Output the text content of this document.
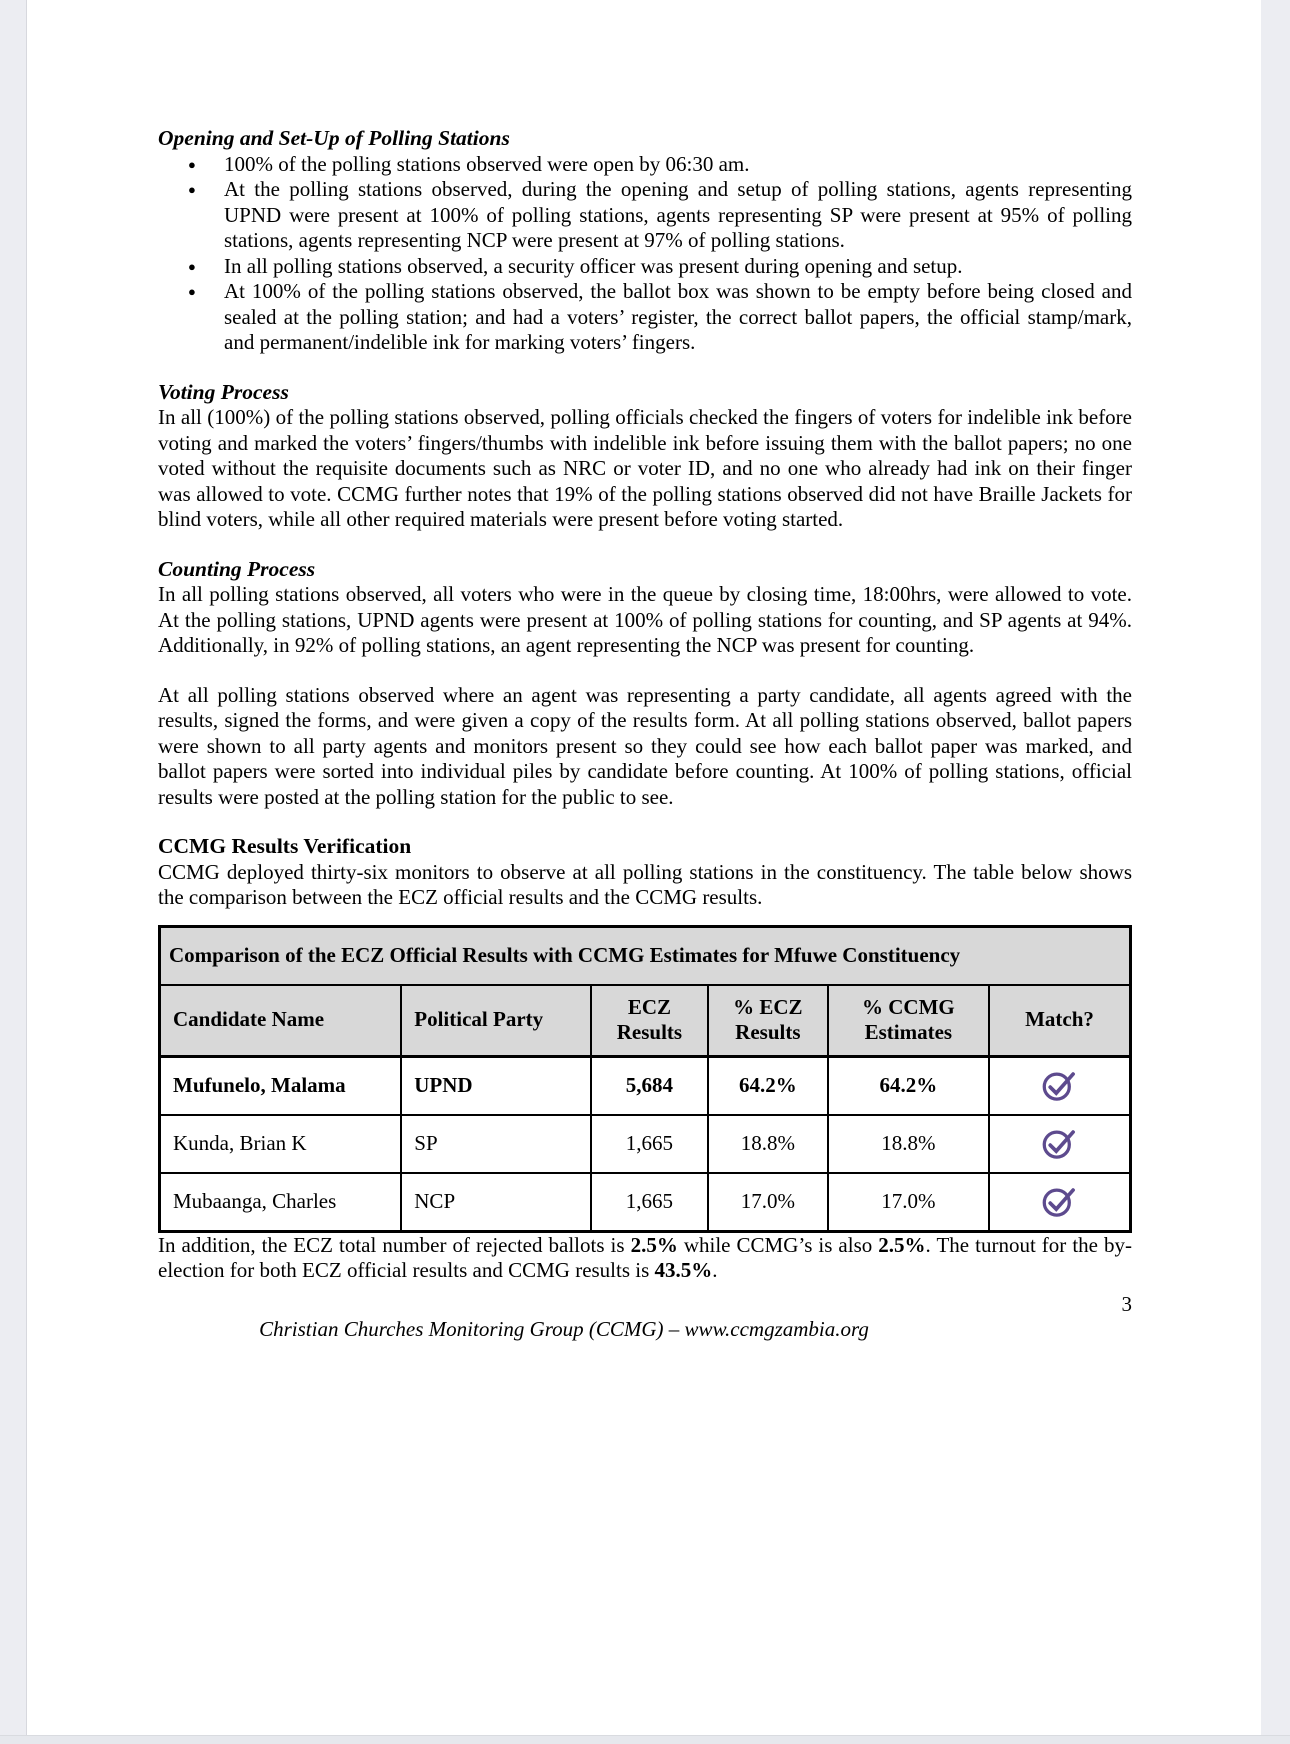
Opening and Set-Up of Polling Stations
● 100% of the polling stations observed were open by 06:30 am.
● At the polling stations observed, during the opening and setup of polling stations, agents representing UPND were present at 100% of polling stations, agents representing SP were present at 95% of polling stations, agents representing NCP were present at 97% of polling stations.
● In all polling stations observed, a security officer was present during opening and setup.
● At 100% of the polling stations observed, the ballot box was shown to be empty before being closed and sealed at the polling station; and had a voters’ register, the correct ballot papers, the official stamp/mark, and permanent/indelible ink for marking voters’ fingers.
Voting Process

In all (100%) of the polling stations observed, polling officials checked the fingers of voters for indelible ink before voting and marked the voters’ fingers/thumbs with indelible ink before issuing them with the ballot papers; no one voted without the requisite documents such as NRC or voter ID, and no one who already had ink on their finger was allowed to vote. CCMG further notes that 19% of the polling stations observed did not have Braille Jackets for blind voters, while all other required materials were present before voting started.

Counting Process

In all polling stations observed, all voters who were in the queue by closing time, 18:00hrs, were allowed to vote. At the polling stations, UPND agents were present at 100% of polling stations for counting, and SP agents at 94%. Additionally, in 92% of polling stations, an agent representing the NCP was present for counting.

At all polling stations observed where an agent was representing a party candidate, all agents agreed with the results, signed the forms, and were given a copy of the results form. At all polling stations observed, ballot papers were shown to all party agents and monitors present so they could see how each ballot paper was marked, and ballot papers were sorted into individual piles by candidate before counting. At 100% of polling stations, official results were posted at the polling station for the public to see.

CCMG Results Verification

CCMG deployed thirty-six monitors to observe at all polling stations in the constituency. The table below shows the comparison between the ECZ official results and the CCMG results.

Comparison of the ECZ Official Results with CCMG Estimates for Mfuwe Constituency					
Candidate Name	Political Party	ECZ Results	% ECZ Results	% CCMG Estimates	Match?
Mufunelo, Malama	UPND	5,684	64.2%	64.2%	
Kunda, Brian K	SP	1,665	18.8%	18.8%	
Mubaanga, Charles	NCP	1,665	17.0%	17.0%	

In addition, the ECZ total number of rejected ballots is 2.5% while CCMG’s is also 2.5%. The turnout for the by-election for both ECZ official results and CCMG results is 43.5%.

3
Christian Churches Monitoring Group (CCMG) – www.ccmgzambia.org
